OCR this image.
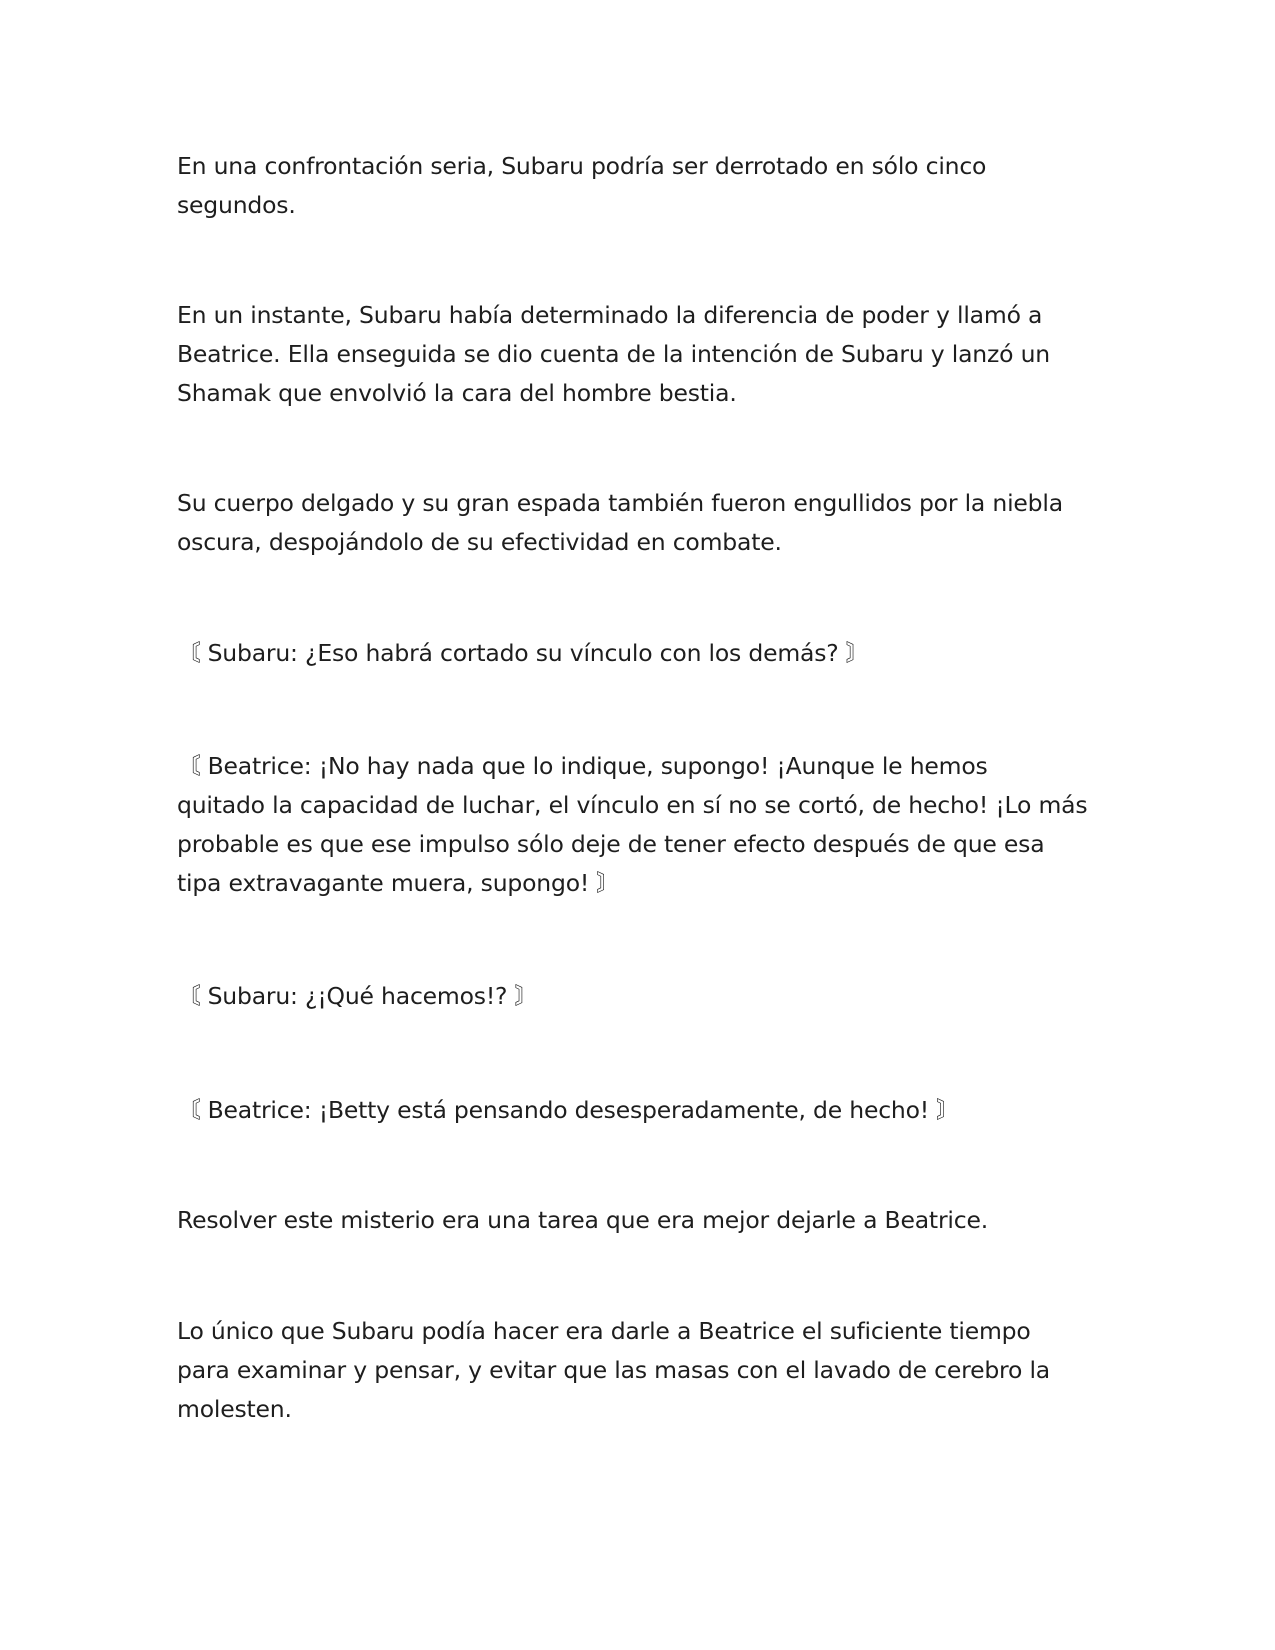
En una confrontación seria, Subaru podría ser derrotado en sólo cinco
segundos.

En un instante, Subaru había determinado la diferencia de poder y llamó a
Beatrice. Ella enseguida se dio cuenta de la intención de Subaru y lanzó un
Shamak que envolvió la cara del hombre bestia.

Su cuerpo delgado y su gran espada también fueron engullidos por la niebla
oscura, despojándolo de su efectividad en combate.

〘 Subaru: ¿Eso habrá cortado su vínculo con los demás? 〙

〘 Beatrice: ¡No hay nada que lo indique, supongo! ¡Aunque le hemos
quitado la capacidad de luchar, el vínculo en sí no se cortó, de hecho! ¡Lo más
probable es que ese impulso sólo deje de tener efecto después de que esa
tipa extravagante muera, supongo! 〙

〘 Subaru: ¿¡Qué hacemos!? 〙

〘 Beatrice: ¡Betty está pensando desesperadamente, de hecho! 〙

Resolver este misterio era una tarea que era mejor dejarle a Beatrice.

Lo único que Subaru podía hacer era darle a Beatrice el suficiente tiempo
para examinar y pensar, y evitar que las masas con el lavado de cerebro la
molesten.
